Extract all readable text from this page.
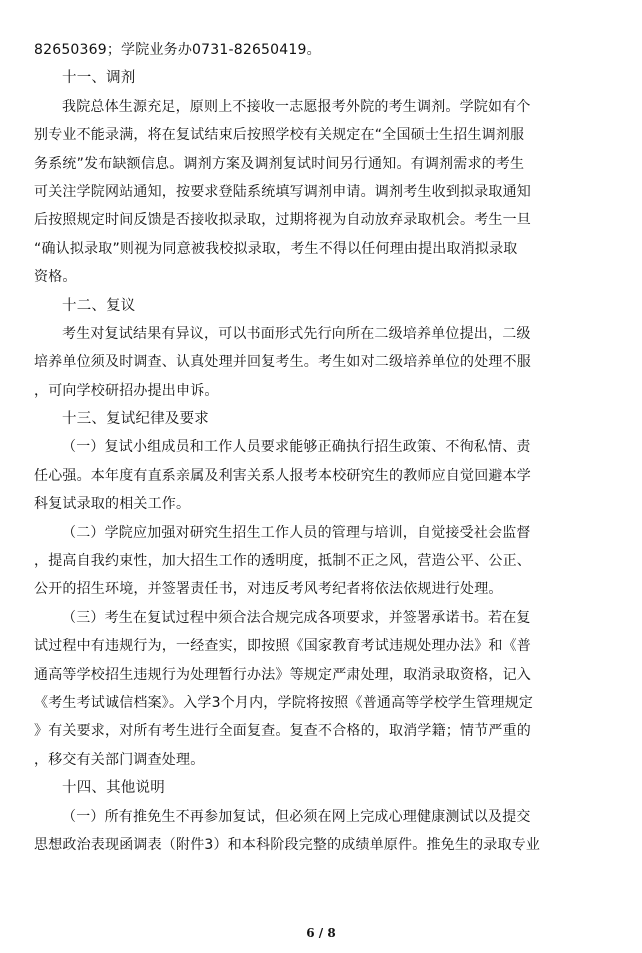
82650369；学院业务办0731-82650419。
十一、调剂
我院总体生源充足，原则上不接收一志愿报考外院的考生调剂。学院如有个
别专业不能录满，将在复试结束后按照学校有关规定在“全国硕士生招生调剂服
务系统”发布缺额信息。调剂方案及调剂复试时间另行通知。有调剂需求的考生
可关注学院网站通知，按要求登陆系统填写调剂申请。调剂考生收到拟录取通知
后按照规定时间反馈是否接收拟录取，过期将视为自动放弃录取机会。考生一旦
“确认拟录取”则视为同意被我校拟录取，考生不得以任何理由提出取消拟录取
资格。
十二、复议
考生对复试结果有异议，可以书面形式先行向所在二级培养单位提出，二级
培养单位须及时调查、认真处理并回复考生。考生如对二级培养单位的处理不服
，可向学校研招办提出申诉。
十三、复试纪律及要求
（一）复试小组成员和工作人员要求能够正确执行招生政策、不徇私情、责
任心强。本年度有直系亲属及利害关系人报考本校研究生的教师应自觉回避本学
科复试录取的相关工作。
（二）学院应加强对研究生招生工作人员的管理与培训，自觉接受社会监督
，提高自我约束性，加大招生工作的透明度，抵制不正之风，营造公平、公正、
公开的招生环境，并签署责任书，对违反考风考纪者将依法依规进行处理。
（三）考生在复试过程中须合法合规完成各项要求，并签署承诺书。若在复
试过程中有违规行为，一经查实，即按照《国家教育考试违规处理办法》和《普
通高等学校招生违规行为处理暂行办法》等规定严肃处理，取消录取资格，记入
《考生考试诚信档案》。入学3个月内，学院将按照《普通高等学校学生管理规定
》有关要求，对所有考生进行全面复查。复查不合格的，取消学籍；情节严重的
，移交有关部门调查处理。
十四、其他说明
（一）所有推免生不再参加复试，但必须在网上完成心理健康测试以及提交
思想政治表现函调表（附件3）和本科阶段完整的成绩单原件。推免生的录取专业
6 / 8
